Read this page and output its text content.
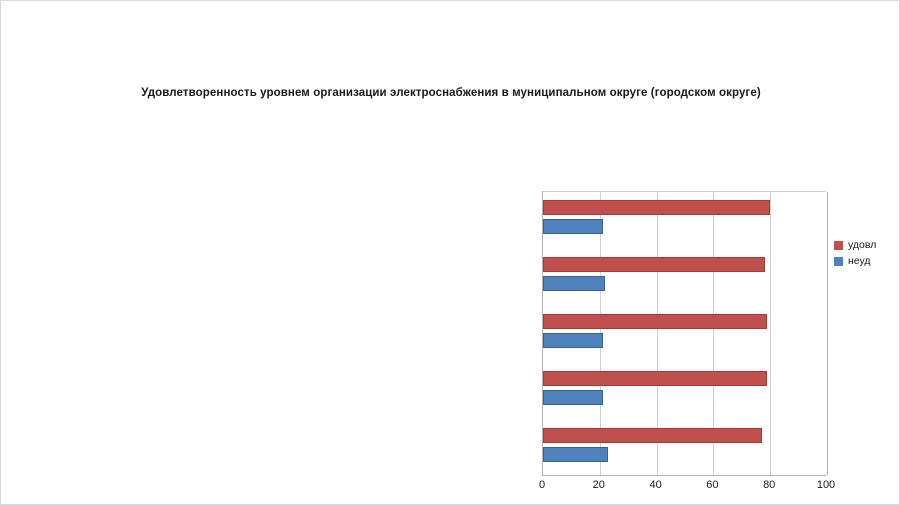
Удовлетворенность уровнем организации электроснабжения в муниципальном округе (городском округе)
0	20	40	60	80	100
удовл
неуд
